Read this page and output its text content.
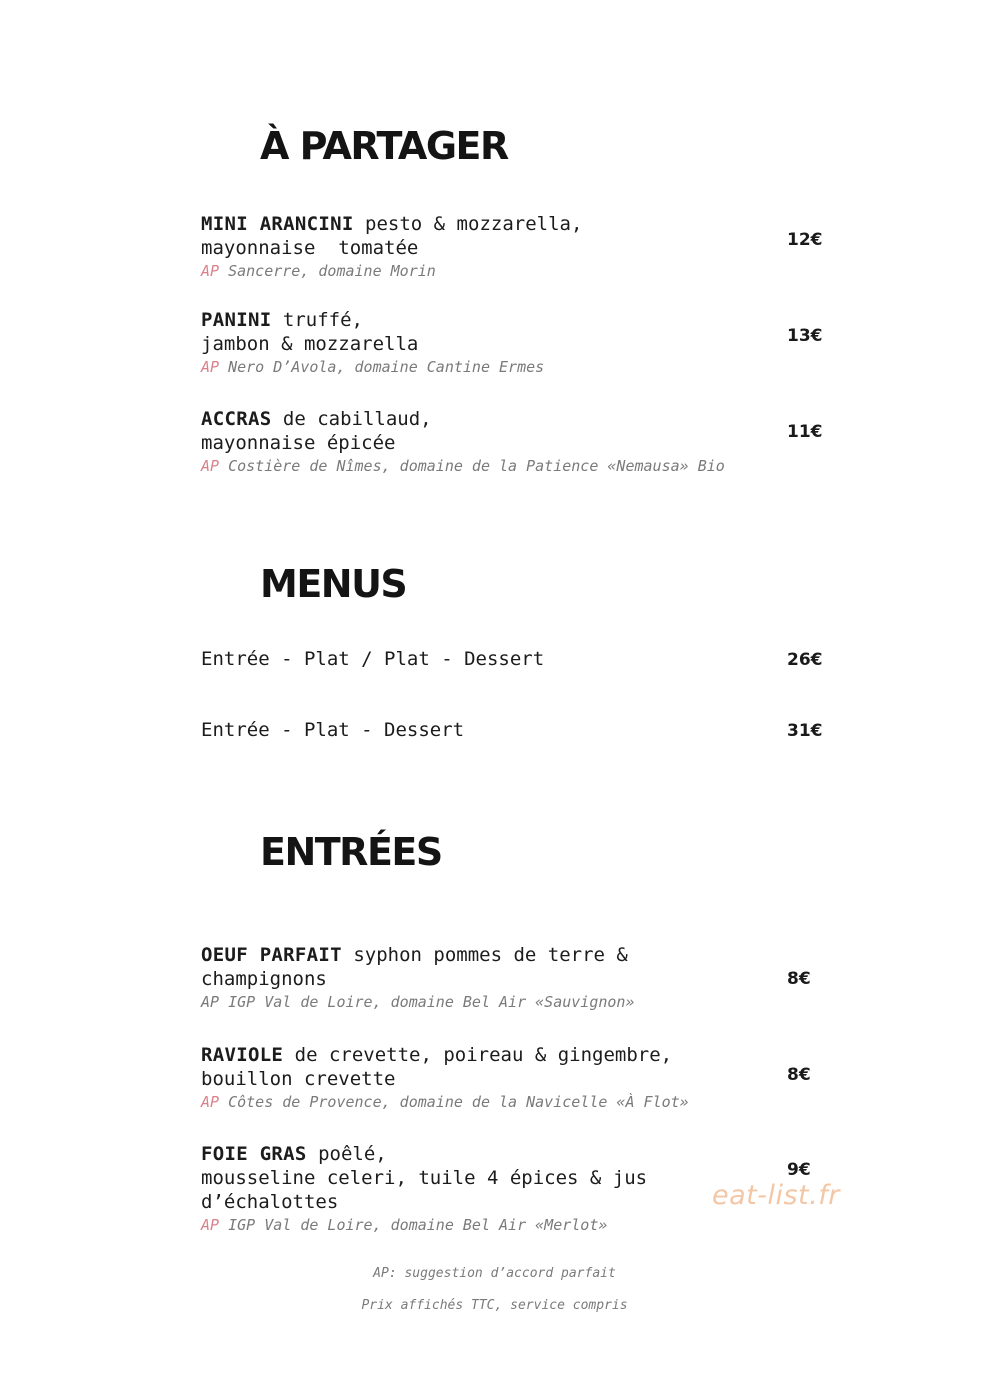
À PARTAGER
MINI ARANCINI pesto & mozzarella,
mayonnaise  tomatée
AP Sancerre, domaine Morin
12€
PANINI truffé,
jambon & mozzarella
AP Nero D’Avola, domaine Cantine Ermes
13€
ACCRAS de cabillaud,
mayonnaise épicée
AP Costière de Nîmes, domaine de la Patience «Nemausa» Bio
11€
MENUS
Entrée - Plat / Plat - Dessert	26€
Entrée - Plat - Dessert	31€
ENTRÉES
OEUF PARFAIT syphon pommes de terre &
champignons
AP IGP Val de Loire, domaine Bel Air «Sauvignon»
8€
RAVIOLE de crevette, poireau & gingembre,
bouillon crevette
AP Côtes de Provence, domaine de la Navicelle «À Flot»
8€
FOIE GRAS poêlé,
mousseline celeri, tuile 4 épices & jus
d’échalottes
AP IGP Val de Loire, domaine Bel Air «Merlot»
9€
eat-list.fr
AP: suggestion d’accord parfait
Prix affichés TTC, service compris
